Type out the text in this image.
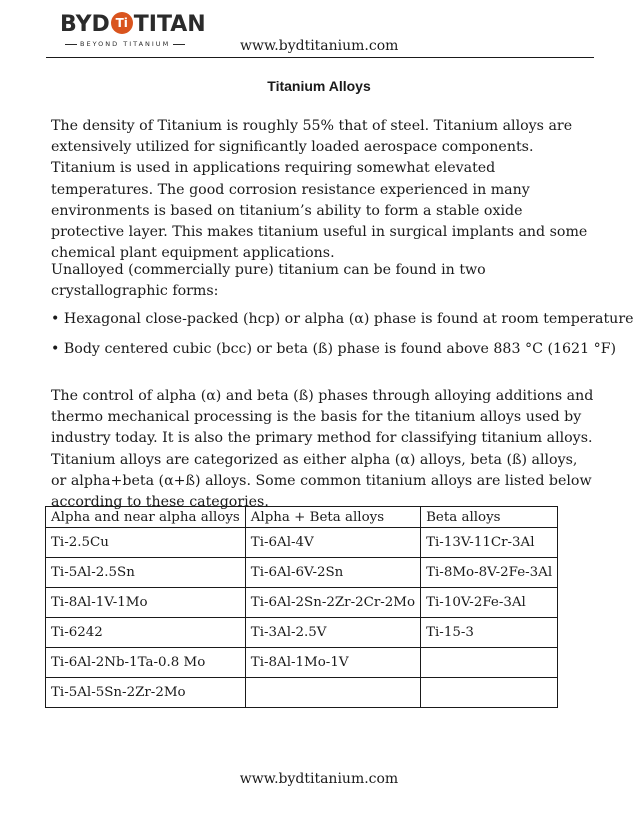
BYD Ti TITAN
BEYOND TITANIUM	www.bydtitanium.com
Titanium Alloys

The density of Titanium is roughly 55% that of steel. Titanium alloys are extensively utilized for significantly loaded aerospace components. Titanium is used in applications requiring somewhat elevated temperatures. The good corrosion resistance experienced in many environments is based on titanium’s ability to form a stable oxide protective layer. This makes titanium useful in surgical implants and some chemical plant equipment applications.

Unalloyed (commercially pure) titanium can be found in two crystallographic forms:

• Hexagonal close-packed (hcp) or alpha (α) phase is found at room temperature

• Body centered cubic (bcc) or beta (ß) phase is found above 883 °C (1621 °F)

The control of alpha (α) and beta (ß) phases through alloying additions and thermo mechanical processing is the basis for the titanium alloys used by industry today. It is also the primary method for classifying titanium alloys. Titanium alloys are categorized as either alpha (α) alloys, beta (ß) alloys, or alpha+beta (α+ß) alloys. Some common titanium alloys are listed below according to these categories.

Alpha and near alpha alloys	Alpha + Beta alloys	Beta alloys
Ti-2.5Cu	Ti-6Al-4V	Ti-13V-11Cr-3Al
Ti-5Al-2.5Sn	Ti-6Al-6V-2Sn	Ti-8Mo-8V-2Fe-3Al
Ti-8Al-1V-1Mo	Ti-6Al-2Sn-2Zr-2Cr-2Mo	Ti-10V-2Fe-3Al
Ti-6242	Ti-3Al-2.5V	Ti-15-3
Ti-6Al-2Nb-1Ta-0.8 Mo	Ti-8Al-1Mo-1V	
Ti-5Al-5Sn-2Zr-2Mo		
www.bydtitanium.com
